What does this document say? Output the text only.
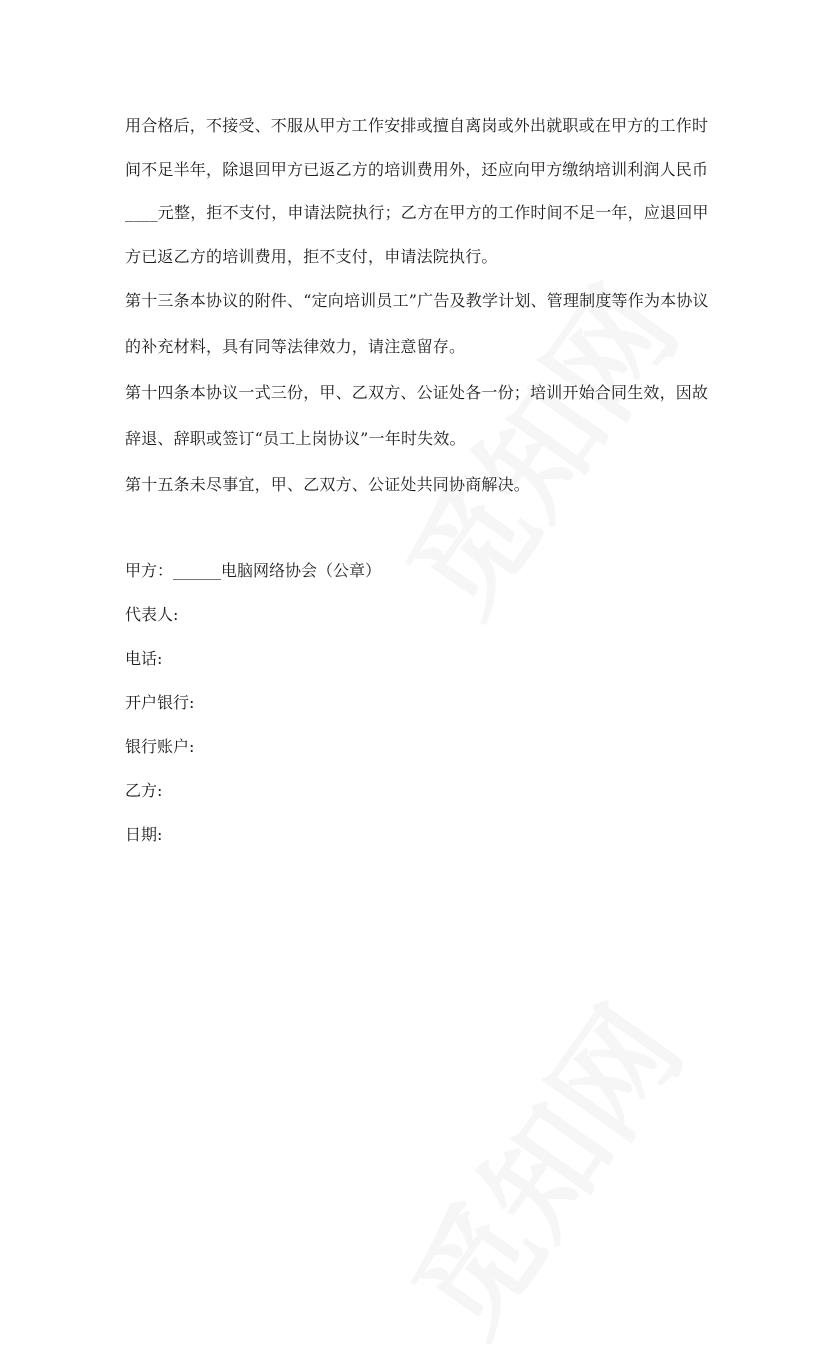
用合格后，不接受、不服从甲方工作安排或擅自离岗或外出就职或在甲方的工作时间不足半年，除退回甲方已返乙方的培训费用外，还应向甲方缴纳培训利润人民币____元整，拒不支付，申请法院执行；乙方在甲方的工作时间不足一年，应退回甲方已返乙方的培训费用，拒不支付，申请法院执行。

第十三条本协议的附件、“定向培训员工”广告及教学计划、管理制度等作为本协议的补充材料，具有同等法律效力，请注意留存。

第十四条本协议一式三份，甲、乙双方、公证处各一份；培训开始合同生效，因故辞退、辞职或签订“员工上岗协议”一年时失效。

第十五条未尽事宜，甲、乙双方、公证处共同协商解决。

甲方：______电脑网络协会（公章）

代表人:

电话:

开户银行:

银行账户:

乙方:

日期:
